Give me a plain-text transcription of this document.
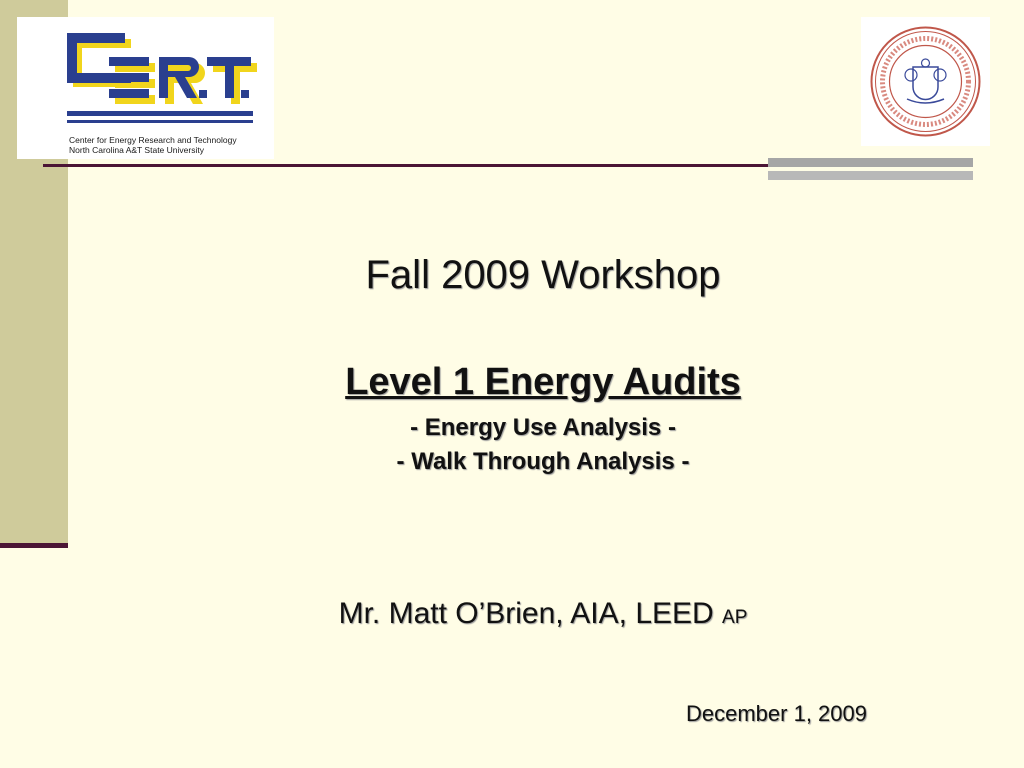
Center for Energy Research and Technology
North Carolina A&T State University
Fall 2009 Workshop
Level 1 Energy Audits
- Energy Use Analysis -
- Walk Through Analysis -
Mr. Matt O’Brien, AIA, LEED AP
December 1, 2009
